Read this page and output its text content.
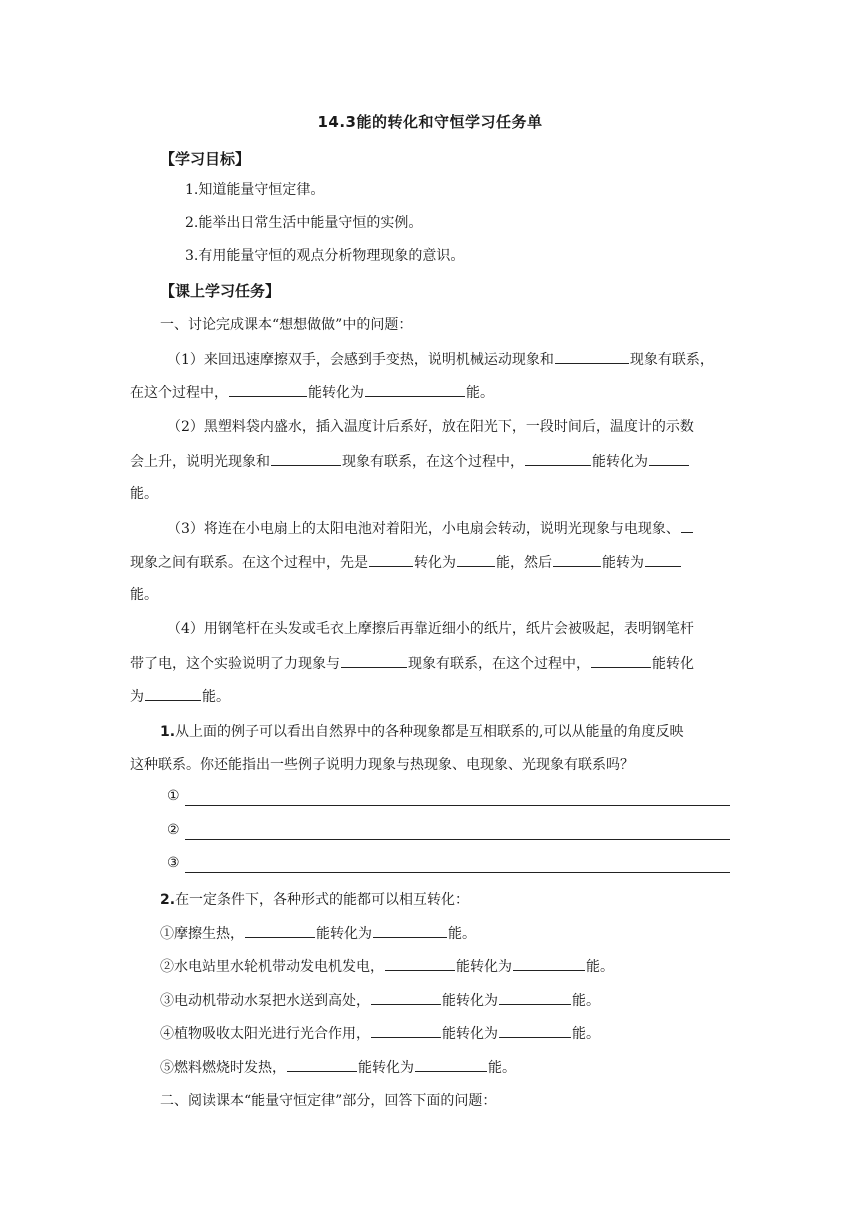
14.3能的转化和守恒学习任务单
【学习目标】
1.知道能量守恒定律。
2.能举出日常生活中能量守恒的实例。
3.有用能量守恒的观点分析物理现象的意识。
【课上学习任务】
一、讨论完成课本“想想做做”中的问题：
（1）来回迅速摩擦双手，会感到手变热，说明机械运动现象和	现象有联系，
在这个过程中，	能转化为	能。
（2）黑塑料袋内盛水，插入温度计后系好，放在阳光下，一段时间后，温度计的示数
会上升，说明光现象和	现象有联系，在这个过程中，	能转化为
能。
（3）将连在小电扇上的太阳电池对着阳光，小电扇会转动，说明光现象与电现象、
现象之间有联系。在这个过程中，先是	转化为	能，然后	能转为
能。
（4）用钢笔杆在头发或毛衣上摩擦后再靠近细小的纸片，纸片会被吸起，表明钢笔杆
带了电，这个实验说明了力现象与	现象有联系，在这个过程中，	能转化
为	能。
1.从上面的例子可以看出自然界中的各种现象都是互相联系的,可以从能量的角度反映
这种联系。你还能指出一些例子说明力现象与热现象、电现象、光现象有联系吗？
①
②
③
2.在一定条件下，各种形式的能都可以相互转化：
①摩擦生热，	能转化为	能。
②水电站里水轮机带动发电机发电，	能转化为	能。
③电动机带动水泵把水送到高处，	能转化为	能。
④植物吸收太阳光进行光合作用，	能转化为	能。
⑤燃料燃烧时发热，	能转化为	能。
二、阅读课本“能量守恒定律”部分，回答下面的问题：
